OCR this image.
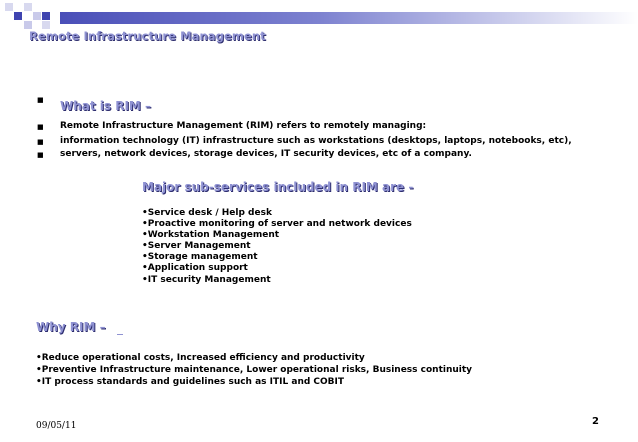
Remote Infrastructure Management
■ What is RIM –
■ Remote Infrastructure Management (RIM) refers to remotely managing:
■ information technology (IT) infrastructure such as workstations (desktops, laptops, notebooks, etc),
■ servers, network devices, storage devices, IT security devices, etc of a company.
Major sub-services included in RIM are -
•Service desk / Help desk
•Proactive monitoring of server and network devices
•Workstation Management
•Server Management
•Storage management
•Application support
•IT security Management
Why RIM –
•Reduce operational costs, Increased efficiency and productivity
•Preventive Infrastructure maintenance, Lower operational risks, Business continuity
•IT process standards and guidelines such as ITIL and COBIT
09/05/11	2
